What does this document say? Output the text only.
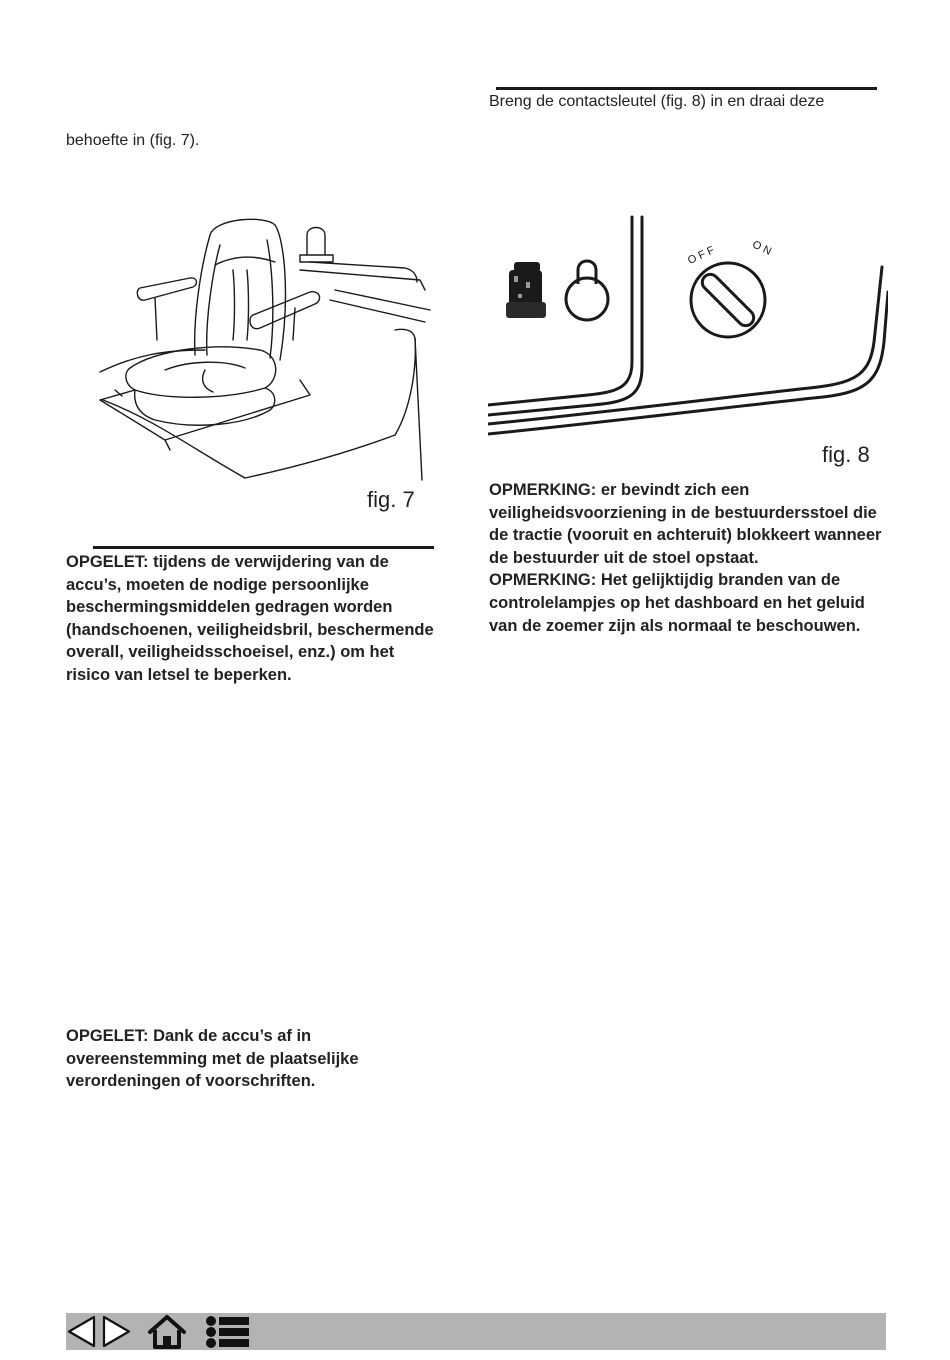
Breng de contactsleutel (fig. 8) in en draai deze
behoefte in (fig. 7).
fig. 7
OFF	ON
fig. 8

OPMERKING: er bevindt zich een veiligheidsvoorziening in de bestuurdersstoel die de tractie (vooruit en achteruit) blokkeert wanneer de bestuurder uit de stoel opstaat.

OPMERKING: Het gelijktijdig branden van de controlelampjes op het dashboard en het geluid van de zoemer zijn als normaal te beschouwen.

OPGELET: tijdens de verwijdering van de accu’s, moeten de nodige persoonlijke beschermingsmiddelen gedragen worden (handschoenen, veiligheidsbril, beschermende overall, veiligheidsschoeisel, enz.) om het risico van letsel te beperken.
OPGELET: Dank de accu’s af in overeenstemming met de plaatselijke verordeningen of voorschriften.
